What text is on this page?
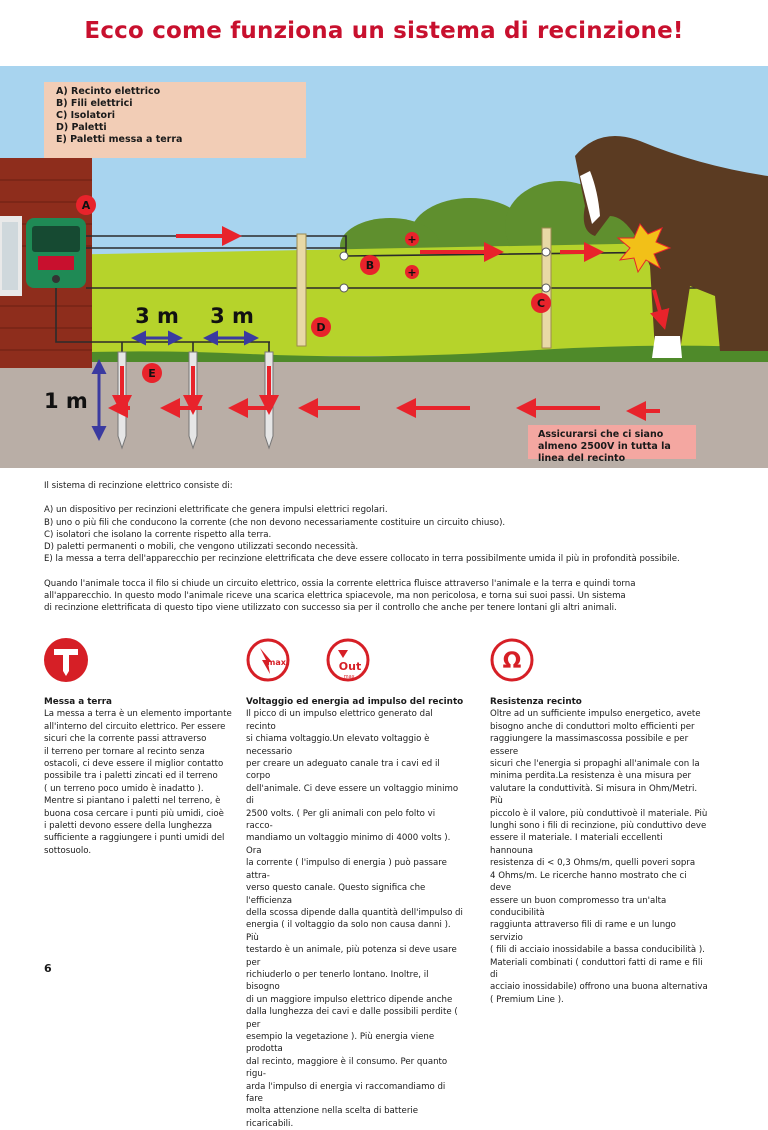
Ecco come funziona un sistema di recinzione!
A
B
C
D
E
+
+
3 m 3 m
1 m
A) Recinto elettrico
B) Fili elettrici
C) Isolatori
D) Paletti
E) Paletti messa a terra
Assicurarsi che ci siano almeno 2500V in tutta la linea del recinto

Il sistema di recinzione elettrico consiste di:

A) un dispositivo per recinzioni elettrificate che genera impulsi elettrici regolari.

B) uno o più fili che conducono la corrente (che non devono necessariamente costituire un circuito chiuso).

C) isolatori che isolano la corrente rispetto alla terra.

D) paletti permanenti o mobili, che vengono utilizzati secondo necessità.

E) la messa a terra dell'apparecchio per recinzione elettrificata che deve essere collocato in terra possibilmente umida il più in profondità possibile.

Quando l'animale tocca il filo si chiude un circuito elettrico, ossia la corrente elettrica fluisce attraverso l'animale e la terra e quindi torna

all'apparecchio. In questo modo l'animale riceve una scarica elettrica spiacevole, ma non pericolosa, e torna sui suoi passi. Un sistema

di recinzione elettrificata di questo tipo viene utilizzato con successo sia per il controllo che anche per tenere lontani gli altri animali.

max.	Out
max.
Ω
Messa a terra

La messa a terra è un elemento importante
all'interno del circuito elettrico. Per essere
sicuri che la corrente passi attraverso
il terreno per tornare al recinto senza
ostacoli, ci deve essere il miglior contatto
possibile tra i paletti zincati ed il terreno
( un terreno poco umido è inadatto ).
Mentre si piantano i paletti nel terreno, è
buona cosa cercare i punti più umidi, cioè
i paletti devono essere della lunghezza
sufficiente a raggiungere i punti umidi del
sottosuolo.

Voltaggio ed energia ad impulso del recinto

Il picco di un impulso elettrico generato dal recinto
si chiama voltaggio.Un elevato voltaggio è necessario
per creare un adeguato canale tra i cavi ed il corpo
dell'animale. Ci deve essere un voltaggio minimo di
2500 volts. ( Per gli animali con pelo folto vi racco-
mandiamo un voltaggio minimo di 4000 volts ). Ora
la corrente ( l'impulso di energia ) può passare attra-
verso questo canale. Questo significa che l'efficienza
della scossa dipende dalla quantità dell'impulso di
energia ( il voltaggio da solo non causa danni ). Più
testardo è un animale, più potenza si deve usare per
richiuderlo o per tenerlo lontano. Inoltre, il bisogno
di un maggiore impulso elettrico dipende anche
dalla lunghezza dei cavi e dalle possibili perdite ( per
esempio la vegetazione ). Più energia viene prodotta
dal recinto, maggiore è il consumo. Per quanto rigu-
arda l'impulso di energia vi raccomandiamo di fare
molta attenzione nella scelta di batterie ricaricabili.

Resistenza recinto

Oltre ad un sufficiente impulso energetico, avete
bisogno anche di conduttori molto efficienti per
raggiungere la massimascossa possibile e per essere
sicuri che l'energia si propaghi all'animale con la
minima perdita.La resistenza è una misura per
valutare la conduttività. Si misura in Ohm/Metri. Più
piccolo è il valore, più conduttivoè il materiale. Più
lunghi sono i fili di recinzione, più conduttivo deve
essere il materiale. I materiali eccellenti hannouna
resistenza di < 0,3 Ohms/m, quelli poveri sopra
4 Ohms/m. Le ricerche hanno mostrato che ci deve
essere un buon compromesso tra un'alta conducibilità
raggiunta attraverso fili di rame e un lungo servizio
( fili di acciaio inossidabile a bassa conducibilità ).
Materiali combinati ( conduttori fatti di rame e fili di
acciaio inossidabile) offrono una buona alternativa
( Premium Line ).

6
